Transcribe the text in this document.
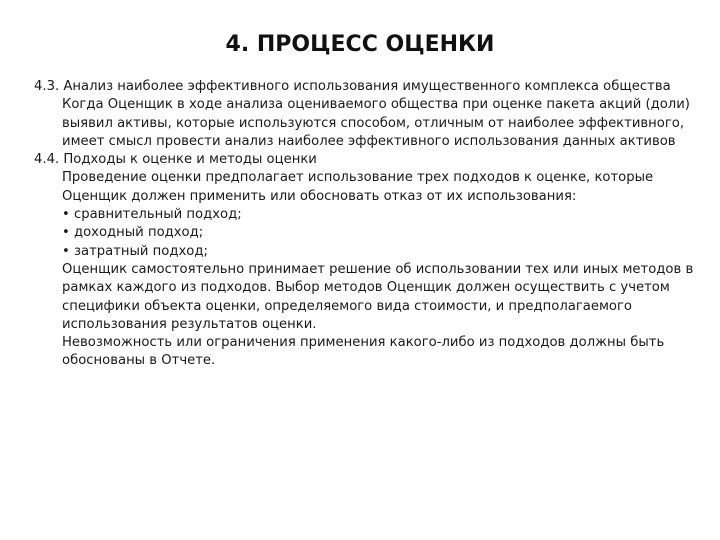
4. ПРОЦЕСС ОЦЕНКИ

4.3. Анализ наиболее эффективного использования имущественного комплекса общества

Когда Оценщик в ходе анализа оцениваемого общества при оценке пакета акций (доли) выявил активы, которые используются способом, отличным от наиболее эффективного, имеет смысл провести анализ наиболее эффективного использования данных активов

4.4. Подходы к оценке и методы оценки

Проведение оценки предполагает использование трех подходов к оценке, которые Оценщик должен применить или обосновать отказ от их использования:

• сравнительный подход;

• доходный подход;

• затратный подход;

Оценщик самостоятельно принимает решение об использовании тех или иных методов в рамках каждого из подходов. Выбор методов Оценщик должен осуществить с учетом специфики объекта оценки, определяемого вида стоимости, и предполагаемого использования результатов оценки.

Невозможность или ограничения применения какого-либо из подходов должны быть обоснованы в Отчете.
